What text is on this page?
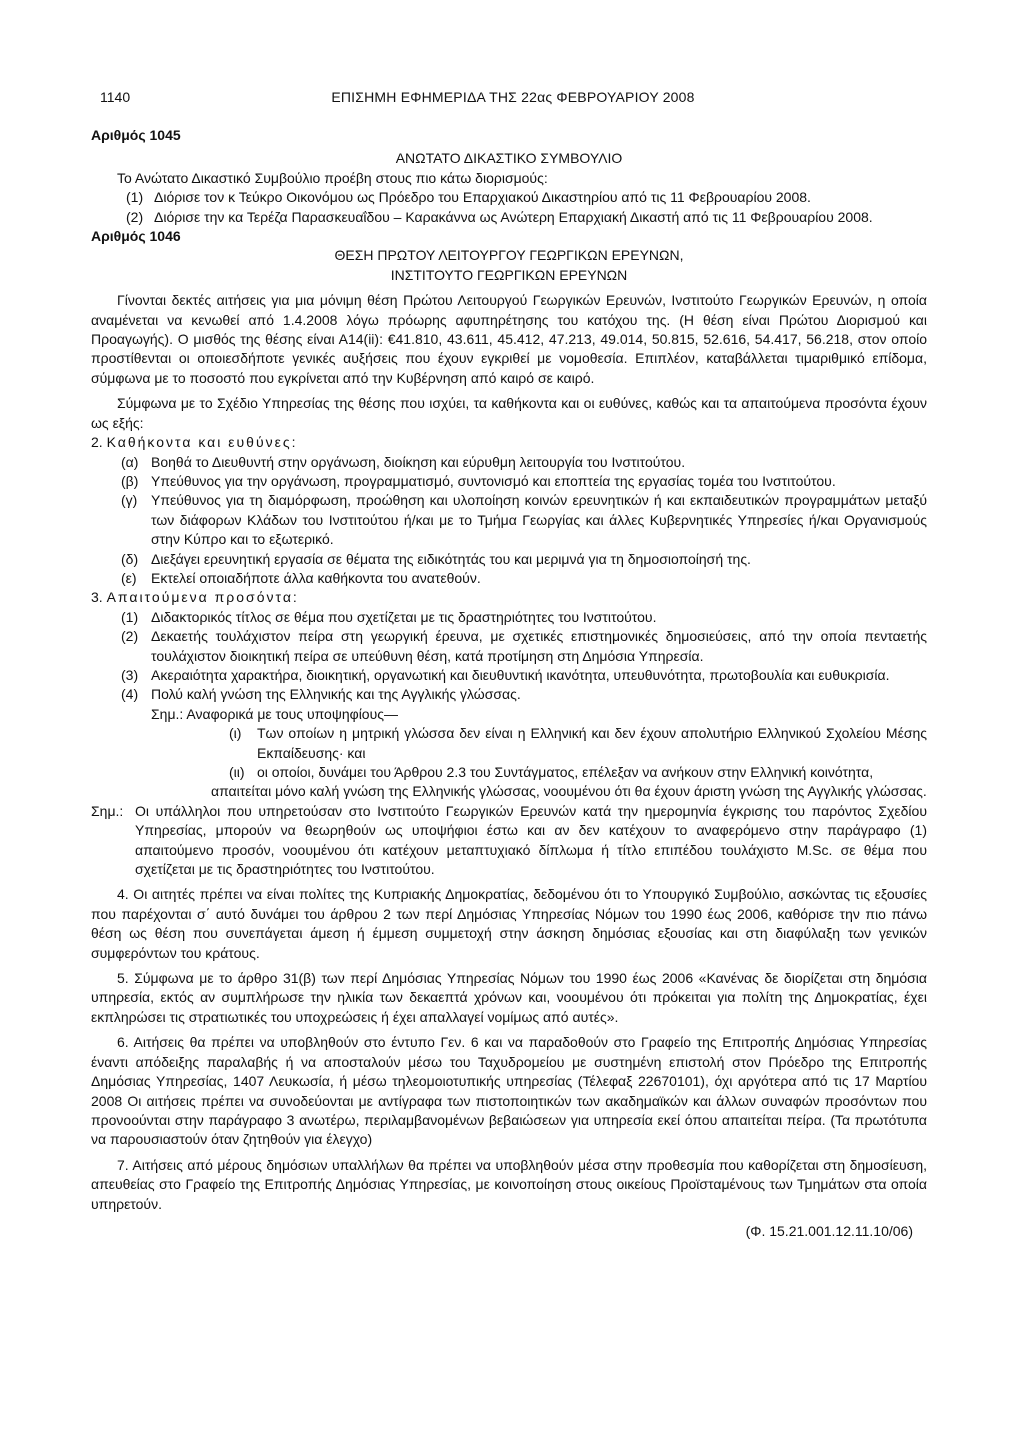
1140	ΕΠΙΣΗΜΗ ΕΦΗΜΕΡΙΔΑ ΤΗΣ 22ας ΦΕΒΡΟΥΑΡΙΟΥ 2008
Αριθμός 1045
ΑΝΩΤΑΤΟ ΔΙΚΑΣΤΙΚΟ ΣΥΜΒΟΥΛΙΟ
Το Ανώτατο Δικαστικό Συμβούλιο προέβη στους πιο κάτω διορισμούς:
(1) Διόρισε τον κ Τεύκρο Οικονόμου ως Πρόεδρο του Επαρχιακού Δικαστηρίου από τις 11 Φεβρουαρίου 2008.
(2) Διόρισε την κα Τερέζα Παρασκευαΐδου – Καρακάννα ως Ανώτερη Επαρχιακή Δικαστή από τις 11 Φεβρουαρίου 2008.
Αριθμός 1046
ΘΕΣΗ ΠΡΩΤΟΥ ΛΕΙΤΟΥΡΓΟΥ ΓΕΩΡΓΙΚΩΝ ΕΡΕΥΝΩΝ,
ΙΝΣΤΙΤΟΥΤΟ ΓΕΩΡΓΙΚΩΝ ΕΡΕΥΝΩΝ

Γίνονται δεκτές αιτήσεις για μια μόνιμη θέση Πρώτου Λειτουργού Γεωργικών Ερευνών, Ινστιτούτο Γεωργικών Ερευνών, η οποία αναμένεται να κενωθεί από 1.4.2008 λόγω πρόωρης αφυπηρέτησης του κατόχου της. (Η θέση είναι Πρώτου Διορισμού και Προαγωγής). Ο μισθός της θέσης είναι Α14(ii): €41.810, 43.611, 45.412, 47.213, 49.014, 50.815, 52.616, 54.417, 56.218, στον οποίο προστίθενται οι οποιεσδήποτε γενικές αυξήσεις που έχουν εγκριθεί με νομοθεσία. Επιπλέον, καταβάλλεται τιμαριθμικό επίδομα, σύμφωνα με το ποσοστό που εγκρίνεται από την Κυβέρνηση από καιρό σε καιρό.

Σύμφωνα με το Σχέδιο Υπηρεσίας της θέσης που ισχύει, τα καθήκοντα και οι ευθύνες, καθώς και τα απαιτούμενα προσόντα έχουν ως εξής:

2. Καθήκοντα και ευθύνες:
(α) Βοηθά το Διευθυντή στην οργάνωση, διοίκηση και εύρυθμη λειτουργία του Ινστιτούτου.
(β) Υπεύθυνος για την οργάνωση, προγραμματισμό, συντονισμό και εποπτεία της εργασίας τομέα του Ινστιτούτου.
(γ) Υπεύθυνος για τη διαμόρφωση, προώθηση και υλοποίηση κοινών ερευνητικών ή και εκπαιδευτικών προγραμμάτων μεταξύ των διάφορων Κλάδων του Ινστιτούτου ή/και με το Τμήμα Γεωργίας και άλλες Κυβερνητικές Υπηρεσίες ή/και Οργανισμούς στην Κύπρο και το εξωτερικό.
(δ) Διεξάγει ερευνητική εργασία σε θέματα της ειδικότητάς του και μεριμνά για τη δημοσιοποίησή της.
(ε)	Εκτελεί οποιαδήποτε άλλα καθήκοντα του ανατεθούν.
3. Απαιτούμενα προσόντα:
(1) Διδακτορικός τίτλος σε θέμα που σχετίζεται με τις δραστηριότητες του Ινστιτούτου.
(2) Δεκαετής τουλάχιστον πείρα στη γεωργική έρευνα, με σχετικές επιστημονικές δημοσιεύσεις, από την οποία πενταετής τουλάχιστον διοικητική πείρα σε υπεύθυνη θέση, κατά προτίμηση στη Δημόσια Υπηρεσία.
(3) Ακεραιότητα χαρακτήρα, διοικητική, οργανωτική και διευθυντική ικανότητα, υπευθυνότητα, πρωτοβουλία και ευθυκρισία.
(4) Πολύ καλή γνώση της Ελληνικής και της Αγγλικής γλώσσας.
Σημ.: Αναφορικά με τους υποψηφίους—
(ι)	Των οποίων η μητρική γλώσσα δεν είναι η Ελληνική και δεν έχουν απολυτήριο Ελληνικού Σχολείου Μέσης Εκπαίδευσης· και
(ιι) οι οποίοι, δυνάμει του Άρθρου 2.3 του Συντάγματος, επέλεξαν να ανήκουν στην Ελληνική κοινότητα,

απαιτείται μόνο καλή γνώση της Ελληνικής γλώσσας, νοουμένου ότι θα έχουν άριστη γνώση της Αγγλικής γλώσσας.

Σημ.: Οι υπάλληλοι που υπηρετούσαν στο Ινστιτούτο Γεωργικών Ερευνών κατά την ημερομηνία έγκρισης του παρόντος Σχεδίου Υπηρεσίας, μπορούν να θεωρηθούν ως υποψήφιοι έστω και αν δεν κατέχουν το αναφερόμενο στην παράγραφο (1) απαιτούμενο προσόν, νοουμένου ότι κατέχουν μεταπτυχιακό δίπλωμα ή τίτλο επιπέδου τουλάχιστο M.Sc. σε θέμα που σχετίζεται με τις δραστηριότητες του Ινστιτούτου.

4. Οι αιτητές πρέπει να είναι πολίτες της Κυπριακής Δημοκρατίας, δεδομένου ότι το Υπουργικό Συμβούλιο, ασκώντας τις εξουσίες που παρέχονται σ΄ αυτό δυνάμει του άρθρου 2 των περί Δημόσιας Υπηρεσίας Νόμων του 1990 έως 2006, καθόρισε την πιο πάνω θέση ως θέση που συνεπάγεται άμεση ή έμμεση συμμετοχή στην άσκηση δημόσιας εξουσίας και στη διαφύλαξη των γενικών συμφερόντων του κράτους.

5. Σύμφωνα με το άρθρο 31(β) των περί Δημόσιας Υπηρεσίας Νόμων του 1990 έως 2006 «Κανένας δε διορίζεται στη δημόσια υπηρεσία, εκτός αν συμπλήρωσε την ηλικία των δεκαεπτά χρόνων και, νοουμένου ότι πρόκειται για πολίτη της Δημοκρατίας, έχει εκπληρώσει τις στρατιωτικές του υποχρεώσεις ή έχει απαλλαγεί νομίμως από αυτές».

6. Αιτήσεις θα πρέπει να υποβληθούν στο έντυπο Γεν. 6 και να παραδοθούν στο Γραφείο της Επιτροπής Δημόσιας Υπηρεσίας έναντι απόδειξης παραλαβής ή να αποσταλούν μέσω του Ταχυδρομείου με συστημένη επιστολή στον Πρόεδρο της Επιτροπής Δημόσιας Υπηρεσίας, 1407 Λευκωσία, ή μέσω τηλεομοιοτυπικής υπηρεσίας (Τέλεφαξ 22670101), όχι αργότερα από τις 17 Μαρτίου 2008 Οι αιτήσεις πρέπει να συνοδεύονται με αντίγραφα των πιστοποιητικών των ακαδημαϊκών και άλλων συναφών προσόντων που προνοούνται στην παράγραφο 3 ανωτέρω, περιλαμβανομένων βεβαιώσεων για υπηρεσία εκεί όπου απαιτείται πείρα. (Τα πρωτότυπα να παρουσιαστούν όταν ζητηθούν για έλεγχο)

7. Αιτήσεις από μέρους δημόσιων υπαλλήλων θα πρέπει να υποβληθούν μέσα στην προθεσμία που καθορίζεται στη δημοσίευση, απευθείας στο Γραφείο της Επιτροπής Δημόσιας Υπηρεσίας, με κοινοποίηση στους οικείους Προϊσταμένους των Τμημάτων στα οποία υπηρετούν.

(Φ. 15.21.001.12.11.10/06)
